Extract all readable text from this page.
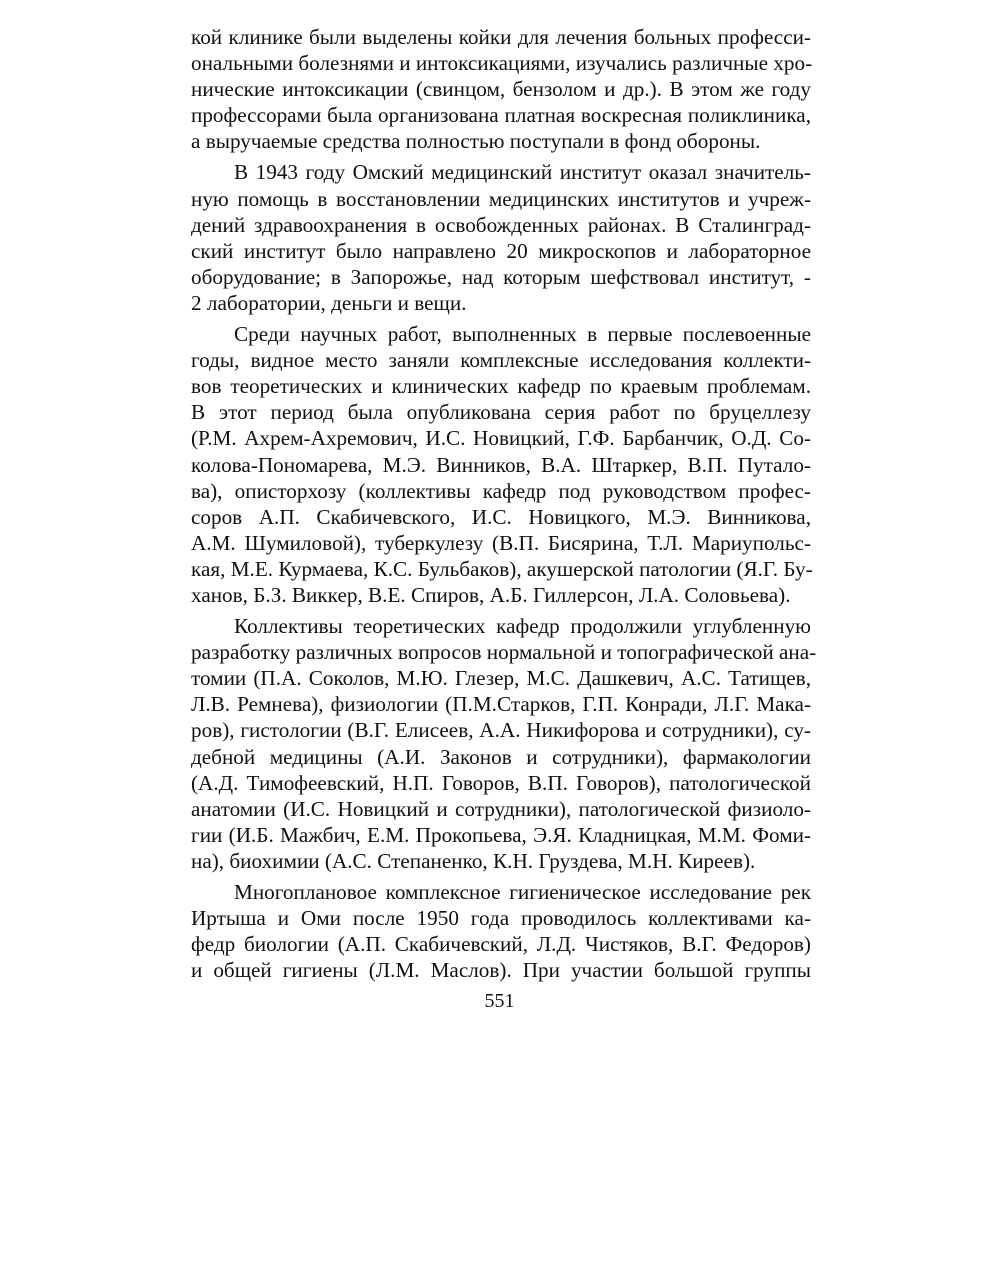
кой клинике были выделены койки для лечения больных професси-
ональными болезнями и интоксикациями, изучались различные хро-
нические интоксикации (свинцом, бензолом и др.). В этом же году
профессорами была организована платная воскресная поликлиника,
а выручаемые средства полностью поступали в фонд обороны.
В 1943 году Омский медицинский институт оказал значитель-
ную помощь в восстановлении медицинских институтов и учреж-
дений здравоохранения в освобожденных районах. В Сталинград-
ский институт было направлено 20 микроскопов и лабораторное
оборудование; в Запорожье, над которым шефствовал институт, -
2 лаборатории, деньги и вещи.
Среди научных работ, выполненных в первые послевоенные
годы, видное место заняли комплексные исследования коллекти-
вов теоретических и клинических кафедр по краевым проблемам.
В этот период была опубликована серия работ по бруцеллезу
(Р.М. Ахрем-Ахремович, И.С. Новицкий, Г.Ф. Барбанчик, О.Д. Со-
колова-Пономарева, М.Э. Винников, В.А. Штаркер, В.П. Путало-
ва), описторхозу (коллективы кафедр под руководством профес-
соров А.П. Скабичевского, И.С. Новицкого, М.Э. Винникова,
А.М. Шумиловой), туберкулезу (В.П. Бисярина, Т.Л. Мариупольс-
кая, М.Е. Курмаева, К.С. Бульбаков), акушерской патологии (Я.Г. Бу-
ханов, Б.З. Виккер, В.Е. Спиров, А.Б. Гиллерсон, Л.А. Соловьева).
Коллективы теоретических кафедр продолжили углубленную
разработку различных вопросов нормальной и топографической ана-
томии (П.А. Соколов, М.Ю. Глезер, М.С. Дашкевич, А.С. Татищев,
Л.В. Ремнева), физиологии (П.М.Старков, Г.П. Конради, Л.Г. Мака-
ров), гистологии (В.Г. Елисеев, А.А. Никифорова и сотрудники), су-
дебной медицины (А.И. Законов и сотрудники), фармакологии
(А.Д. Тимофеевский, Н.П. Говоров, В.П. Говоров), патологической
анатомии (И.С. Новицкий и сотрудники), патологической физиоло-
гии (И.Б. Мажбич, Е.М. Прокопьева, Э.Я. Кладницкая, М.М. Фоми-
на), биохимии (А.С. Степаненко, К.Н. Груздева, М.Н. Киреев).
Многоплановое комплексное гигиеническое исследование рек
Иртыша и Оми после 1950 года проводилось коллективами ка-
федр биологии (А.П. Скабичевский, Л.Д. Чистяков, В.Г. Федоров)
и общей гигиены (Л.М. Маслов). При участии большой группы
551
